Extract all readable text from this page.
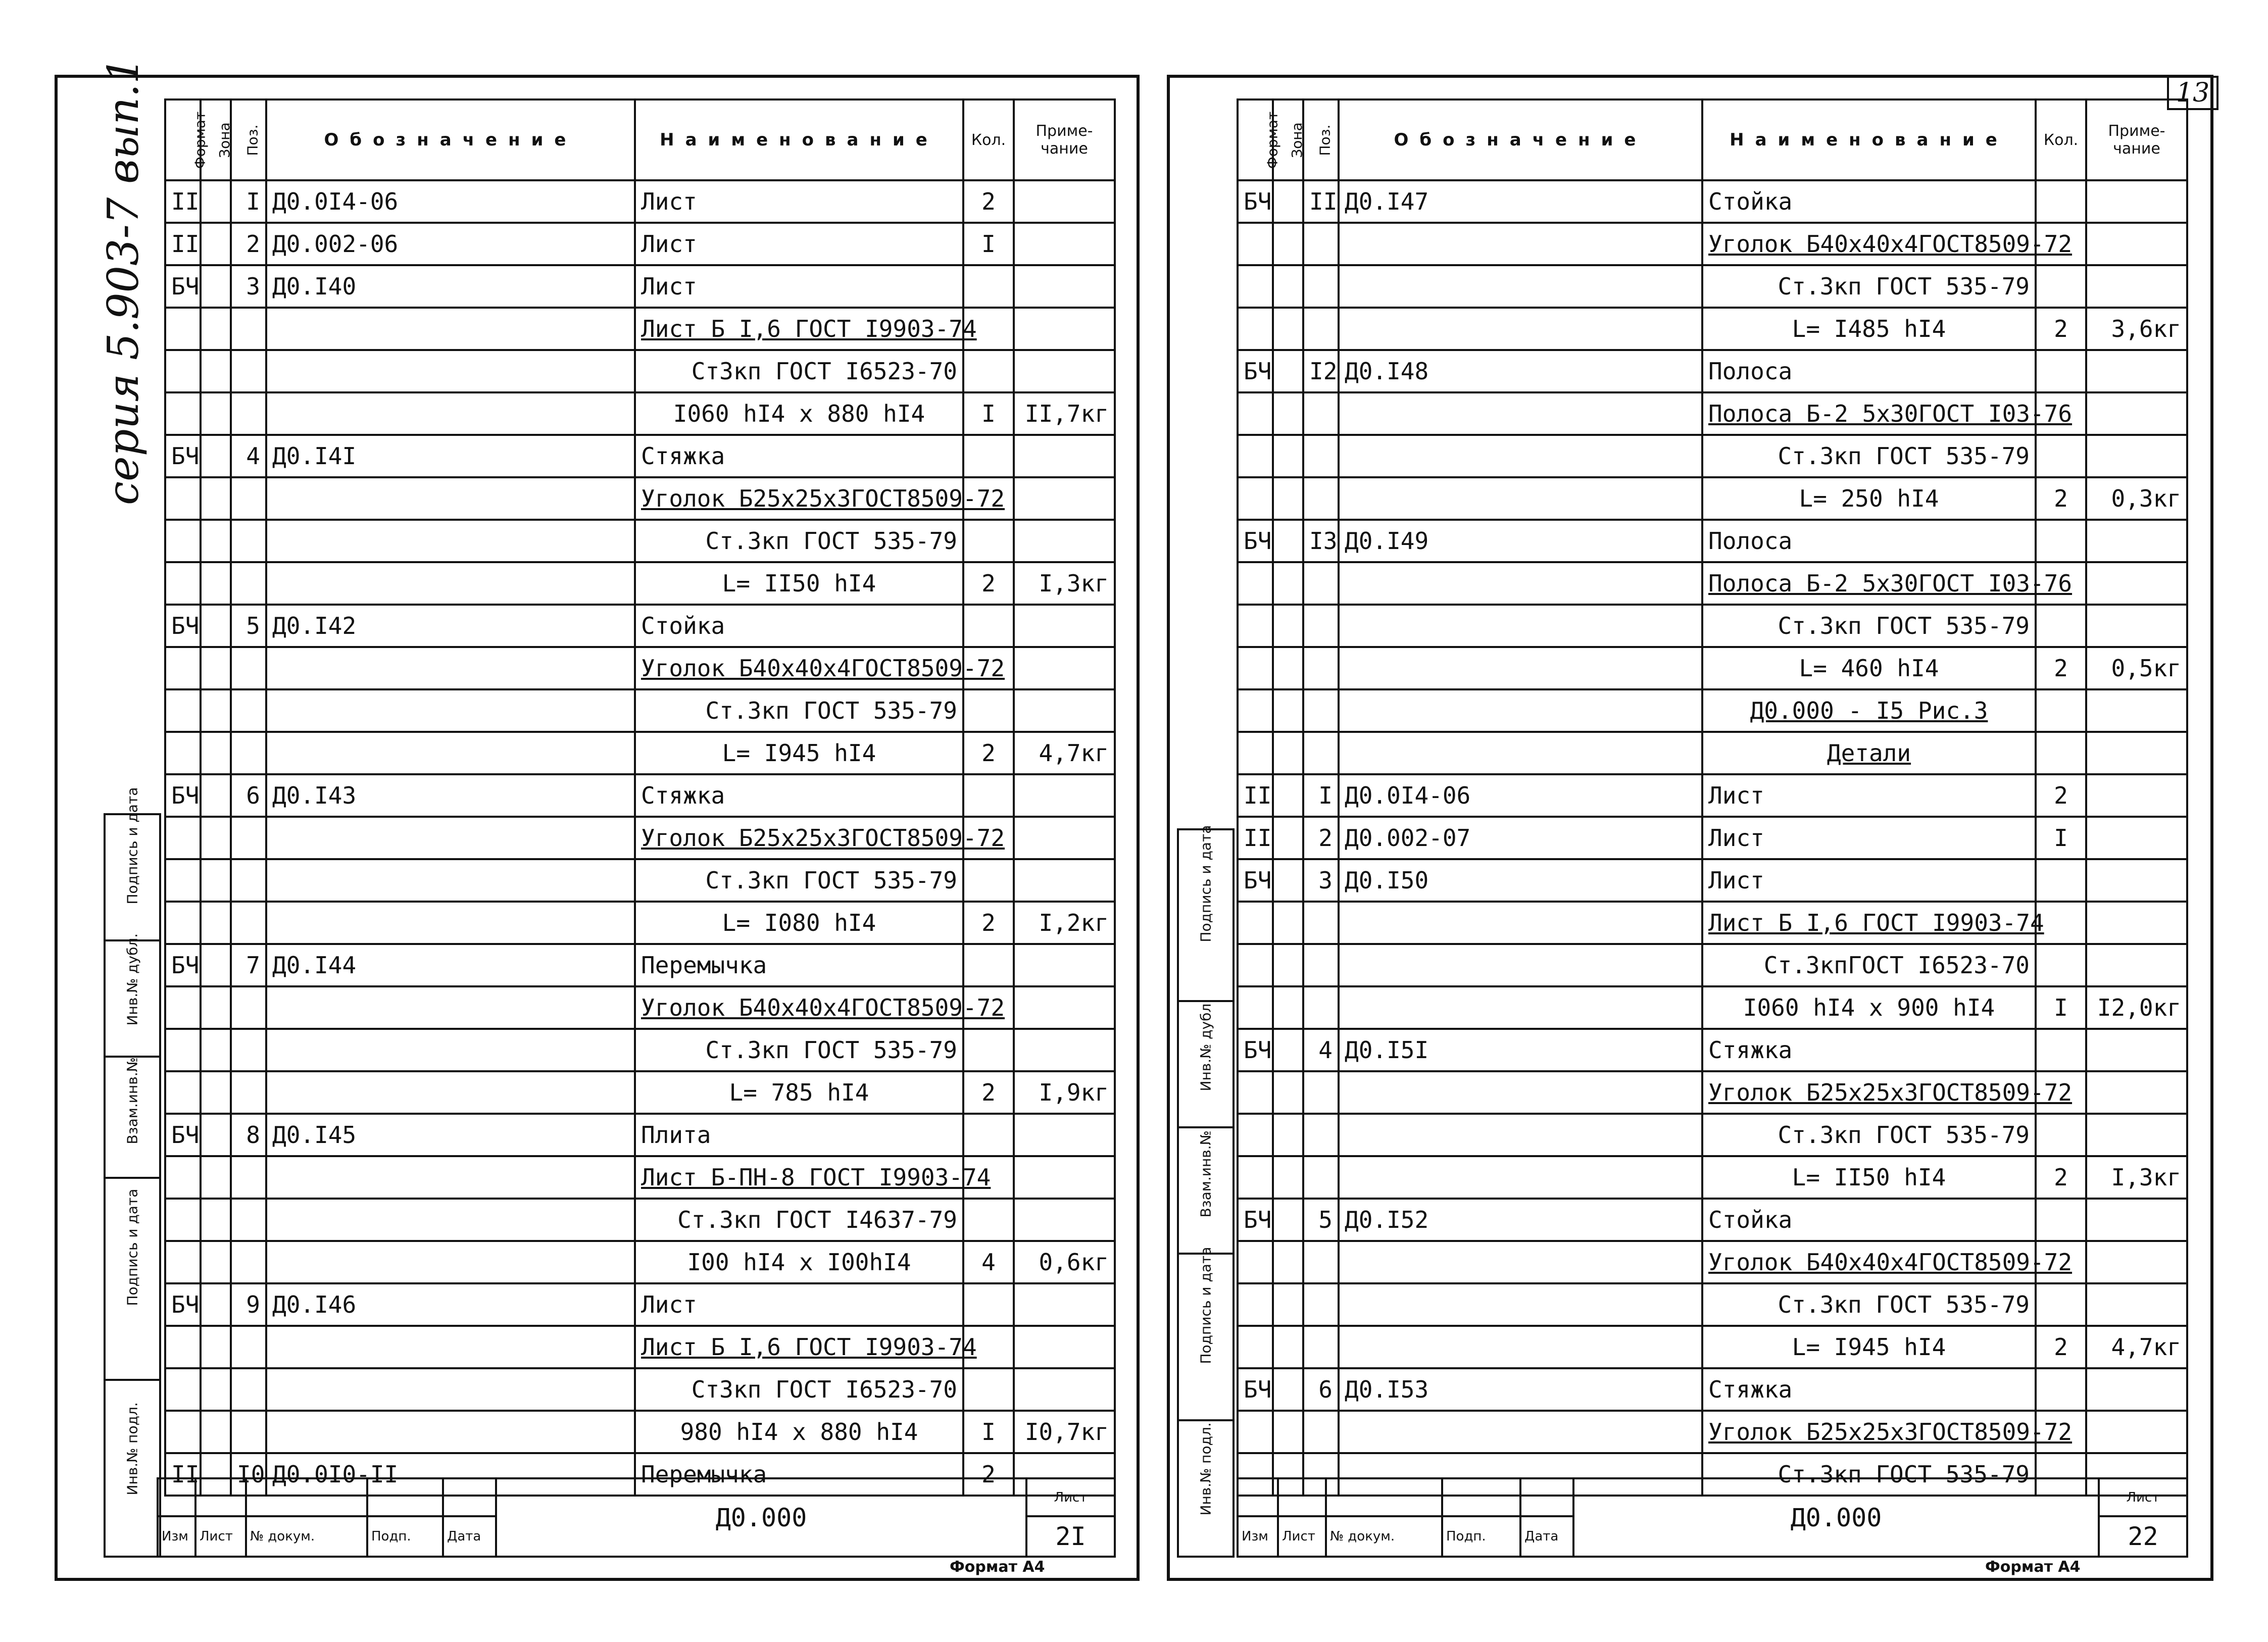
серия 5.903-7 вып.1	13
Подпись и дата	

Инв.№ дубл.	

Взам.инв.№	

Подпись и дата	

Инв.№ подл.	

Подпись и дата	

Инв.№ дубл.	

Взам.инв.№	

Подпись и дата	

Инв.№ подл.	

Формат	Зона	Поз.	Обозначение	Наименование	Кол.	Приме-чание
II		I	Д0.0I4-06	Лист	2	
II		2	Д0.002-06	Лист	I	
БЧ		3	Д0.I40	Лист		
				Лист Б I,6 ГОСТ I9903-74		
				Ст3кп ГОСТ I6523-70		
				I060 hI4 x 880 hI4	I	II,7кг
БЧ		4	Д0.I4I	Стяжка		
				Уголок Б25x25x3ГОСТ8509-72		
				Ст.3кп ГОСТ 535-79		
				L= II50 hI4	2	I,3кг
БЧ		5	Д0.I42	Стойка		
				Уголок Б40x40x4ГОСТ8509-72		
				Ст.3кп ГОСТ 535-79		
				L= I945 hI4	2	4,7кг
БЧ		6	Д0.I43	Стяжка		
				Уголок Б25x25x3ГОСТ8509-72		
				Ст.3кп ГОСТ 535-79		
				L= I080 hI4	2	I,2кг
БЧ		7	Д0.I44	Перемычка		
				Уголок Б40x40x4ГОСТ8509-72		
				Ст.3кп ГОСТ 535-79		
				L= 785 hI4	2	I,9кг
БЧ		8	Д0.I45	Плита		
				Лист Б-ПН-8 ГОСТ I9903-74		
				Ст.3кп ГОСТ I4637-79		
				I00 hI4 x I00hI4	4	0,6кг
БЧ		9	Д0.I46	Лист		
				Лист Б I,6 ГОСТ I9903-74		
				Ст3кп ГОСТ I6523-70		
				980 hI4 x 880 hI4	I	I0,7кг
II		I0	Д0.0I0-II	Перемычка	2	
Формат	Зона	Поз.	Обозначение	Наименование	Кол.	Приме-чание
БЧ		II	Д0.I47	Стойка		
				Уголок Б40x40x4ГОСТ8509-72		
				Ст.3кп ГОСТ 535-79		
				L= I485 hI4	2	3,6кг
БЧ		I2	Д0.I48	Полоса		
				Полоса Б-2 5x30ГОСТ I03-76		
				Ст.3кп ГОСТ 535-79		
				L= 250 hI4	2	0,3кг
БЧ		I3	Д0.I49	Полоса		
				Полоса Б-2 5x30ГОСТ I03-76		
				Ст.3кп ГОСТ 535-79		
				L= 460 hI4	2	0,5кг
				Д0.000 - I5 Рис.3		
				Детали		
II		I	Д0.0I4-06	Лист	2	
II		2	Д0.002-07	Лист	I	
БЧ		3	Д0.I50	Лист		
				Лист Б I,6 ГОСТ I9903-74		
				Ст.3кпГОСТ I6523-70		
				I060 hI4 x 900 hI4	I	I2,0кг
БЧ		4	Д0.I5I	Стяжка		
				Уголок Б25x25x3ГОСТ8509-72		
				Ст.3кп ГОСТ 535-79		
				L= II50 hI4	2	I,3кг
БЧ		5	Д0.I52	Стойка		
				Уголок Б40x40x4ГОСТ8509-72		
				Ст.3кп ГОСТ 535-79		
				L= I945 hI4	2	4,7кг
БЧ		6	Д0.I53	Стяжка		
				Уголок Б25x25x3ГОСТ8509-72		
				Ст.3кп ГОСТ 535-79		
					Д0.000	Лист
Изм	Лист	№ докум.	Подп.	Дата		2I
Формат А4
					Д0.000	Лист
Изм	Лист	№ докум.	Подп.	Дата		22
Формат А4
